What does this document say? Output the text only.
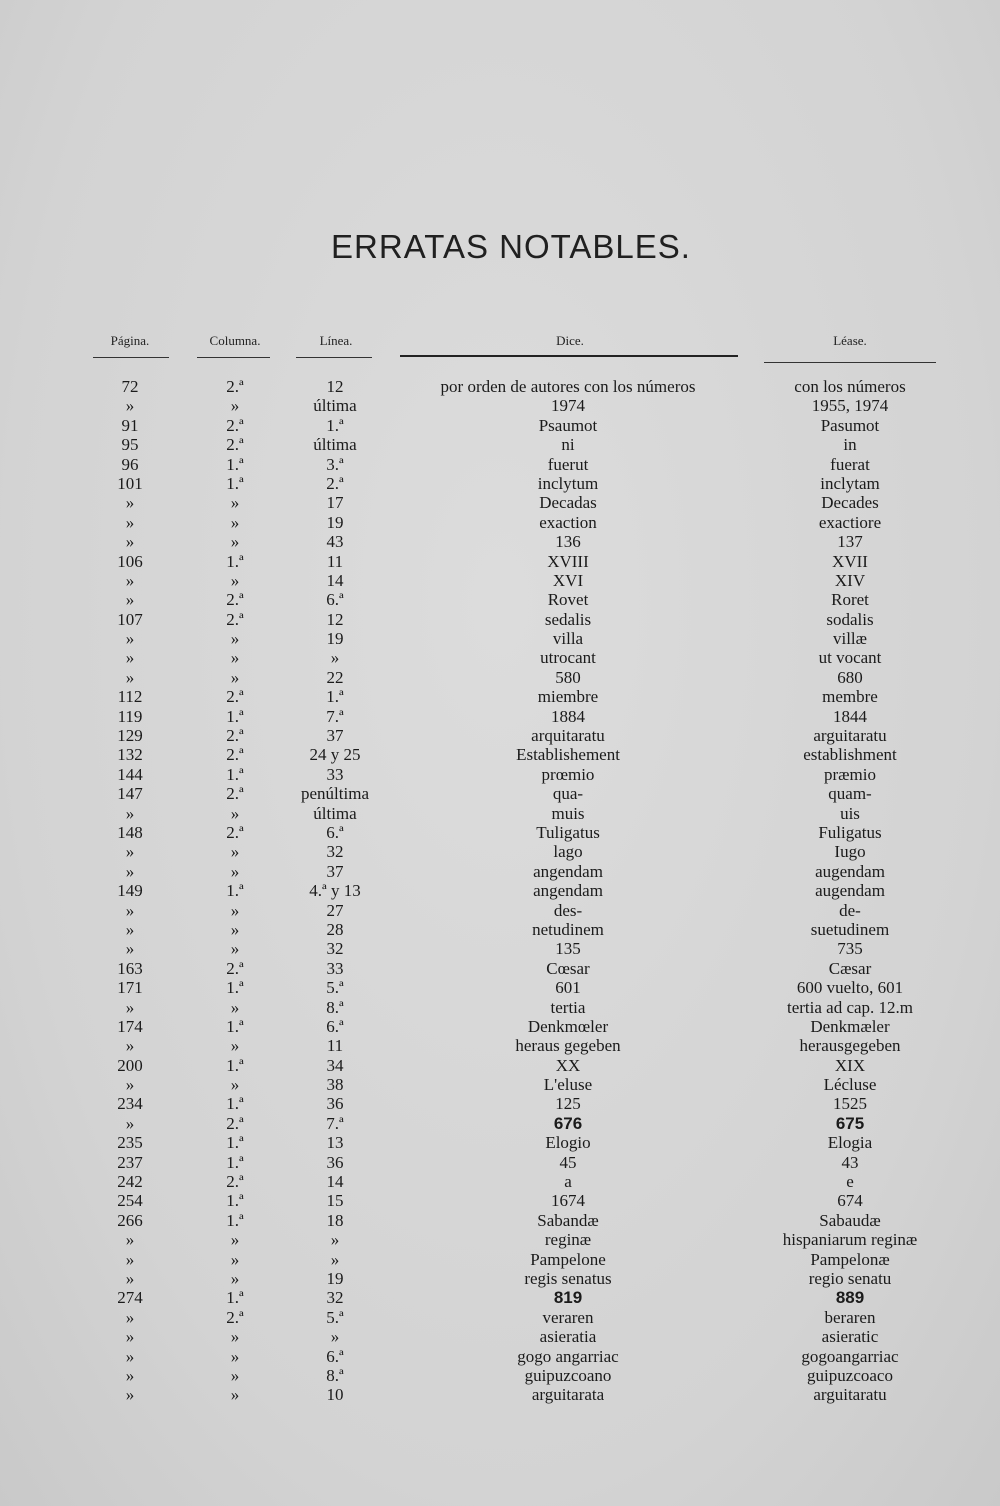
ERRATAS NOTABLES.
Página.	Columna.	Línea.	Dice.	Léase.
72	2.ª	12	por orden de autores con los números	con los números
»	»	última	1974	1955, 1974
91	2.ª	1.ª	Psaumot	Pasumot
95	2.ª	última	ni	in
96	1.ª	3.ª	fuerut	fuerat
101	1.ª	2.ª	inclytum	inclytam
»	»	17	Decadas	Decades
»	»	19	exaction	exactiore
»	»	43	136	137
106	1.ª	11	XVIII	XVII
»	»	14	XVI	XIV
»	2.ª	6.ª	Rovet	Roret
107	2.ª	12	sedalis	sodalis
»	»	19	villa	villæ
»	»	»	utrocant	ut vocant
»	»	22	580	680
112	2.ª	1.ª	miembre	membre
119	1.ª	7.ª	1884	1844
129	2.ª	37	arquitaratu	arguitaratu
132	2.ª	24 y 25	Establishement	establishment
144	1.ª	33	prœmio	præmio
147	2.ª	penúltima	qua-	quam-
»	»	última	muis	uis
148	2.ª	6.ª	Tuligatus	Fuligatus
»	»	32	lago	Iugo
»	»	37	angendam	augendam
149	1.ª	4.ª y 13	angendam	augendam
»	»	27	des-	de-
»	»	28	netudinem	suetudinem
»	»	32	135	735
163	2.ª	33	Cœsar	Cæsar
171	1.ª	5.ª	601	600 vuelto, 601
»	»	8.ª	tertia	tertia ad cap. 12.m
174	1.ª	6.ª	Denkmœler	Denkmæler
»	»	11	heraus gegeben	herausgegeben
200	1.ª	34	XX	XIX
»	»	38	L'eluse	Lécluse
234	1.ª	36	125	1525
»	2.ª	7.ª	676	675
235	1.ª	13	Elogio	Elogia
237	1.ª	36	45	43
242	2.ª	14	a	e
254	1.ª	15	1674	674
266	1.ª	18	Sabandæ	Sabaudæ
»	»	»	reginæ	hispaniarum reginæ
»	»	»	Pampelone	Pampelonæ
»	»	19	regis senatus	regio senatu
274	1.ª	32	819	889
»	2.ª	5.ª	veraren	beraren
»	»	»	asieratia	asieratic
»	»	6.ª	gogo angarriac	gogoangarriac
»	»	8.ª	guipuzcoano	guipuzcoaco
»	»	10	arguitarata	arguitaratu
